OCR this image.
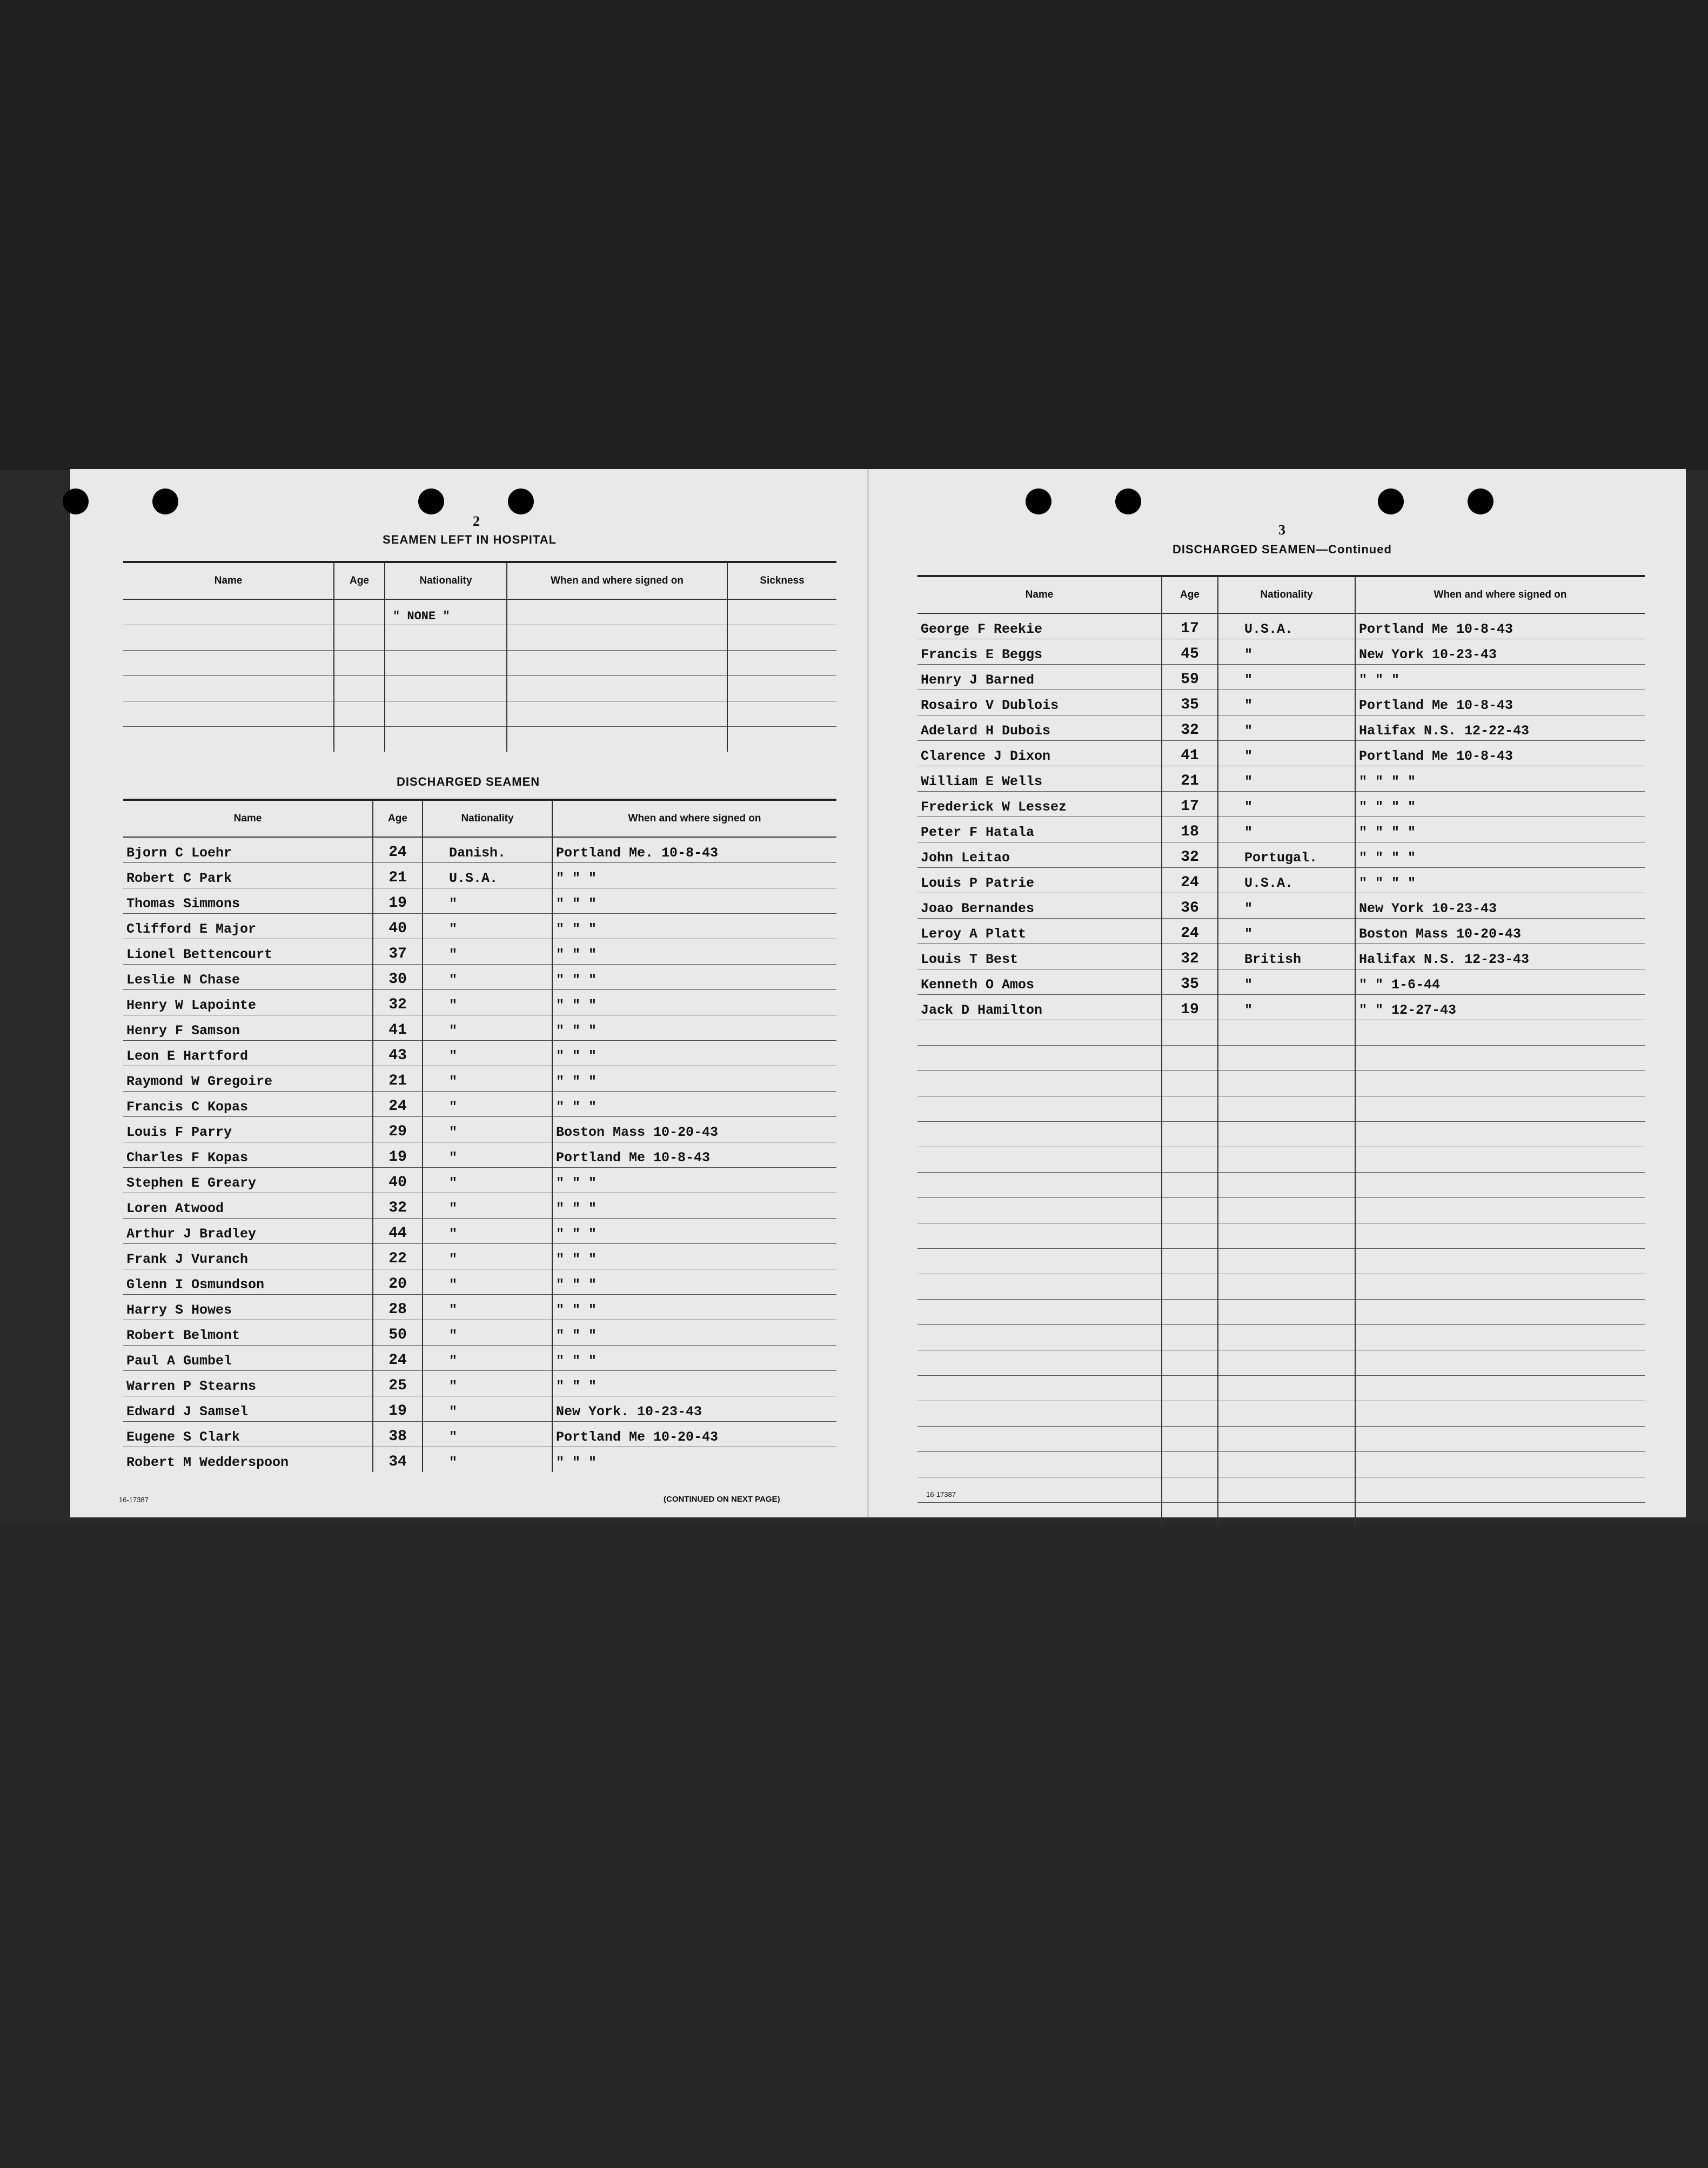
2
SEAMEN LEFT IN HOSPITAL
Name	Age	Nationality	When and where signed on	Sickness
		" NONE "		

DISCHARGED SEAMEN
Name	Age	Nationality	When and where signed on
Bjorn C Loehr	24	Danish.	Portland Me. 10-8-43
Robert C Park	21	U.S.A.	" " "
Thomas Simmons	19	"	" " "
Clifford E Major	40	"	" " "
Lionel Bettencourt	37	"	" " "
Leslie N Chase	30	"	" " "
Henry W Lapointe	32	"	" " "
Henry F Samson	41	"	" " "
Leon E Hartford	43	"	" " "
Raymond W Gregoire	21	"	" " "
Francis C Kopas	24	"	" " "
Louis F Parry	29	"	Boston Mass 10-20-43
Charles F Kopas	19	"	Portland Me 10-8-43
Stephen E Greary	40	"	" " "
Loren Atwood	32	"	" " "
Arthur J Bradley	44	"	" " "
Frank J Vuranch	22	"	" " "
Glenn I Osmundson	20	"	" " "
Harry S Howes	28	"	" " "
Robert Belmont	50	"	" " "
Paul A Gumbel	24	"	" " "
Warren P Stearns	25	"	" " "
Edward J Samsel	19	"	New York. 10-23-43
Eugene S Clark	38	"	Portland Me 10-20-43
Robert M Wedderspoon	34	"	" " "
16-17387	(CONTINUED ON NEXT PAGE)
3
DISCHARGED SEAMEN—Continued
Name	Age	Nationality	When and where signed on
George F Reekie	17	U.S.A.	Portland Me 10-8-43
Francis E Beggs	45	"	New York 10-23-43
Henry J Barned	59	"	" " "
Rosairo V Dublois	35	"	Portland Me 10-8-43
Adelard H Dubois	32	"	Halifax N.S. 12-22-43
Clarence J Dixon	41	"	Portland Me 10-8-43
William E Wells	21	"	" " " "
Frederick W Lessez	17	"	" " " "
Peter F Hatala	18	"	" " " "
John Leitao	32	Portugal.	" " " "
Louis P Patrie	24	U.S.A.	" " " "
Joao Bernandes	36	"	New York 10-23-43
Leroy A Platt	24	"	Boston Mass 10-20-43
Louis T Best	32	British	Halifax N.S. 12-23-43
Kenneth O Amos	35	"	" " 1-6-44
Jack D Hamilton	19	"	" " 12-27-43

16-17387
